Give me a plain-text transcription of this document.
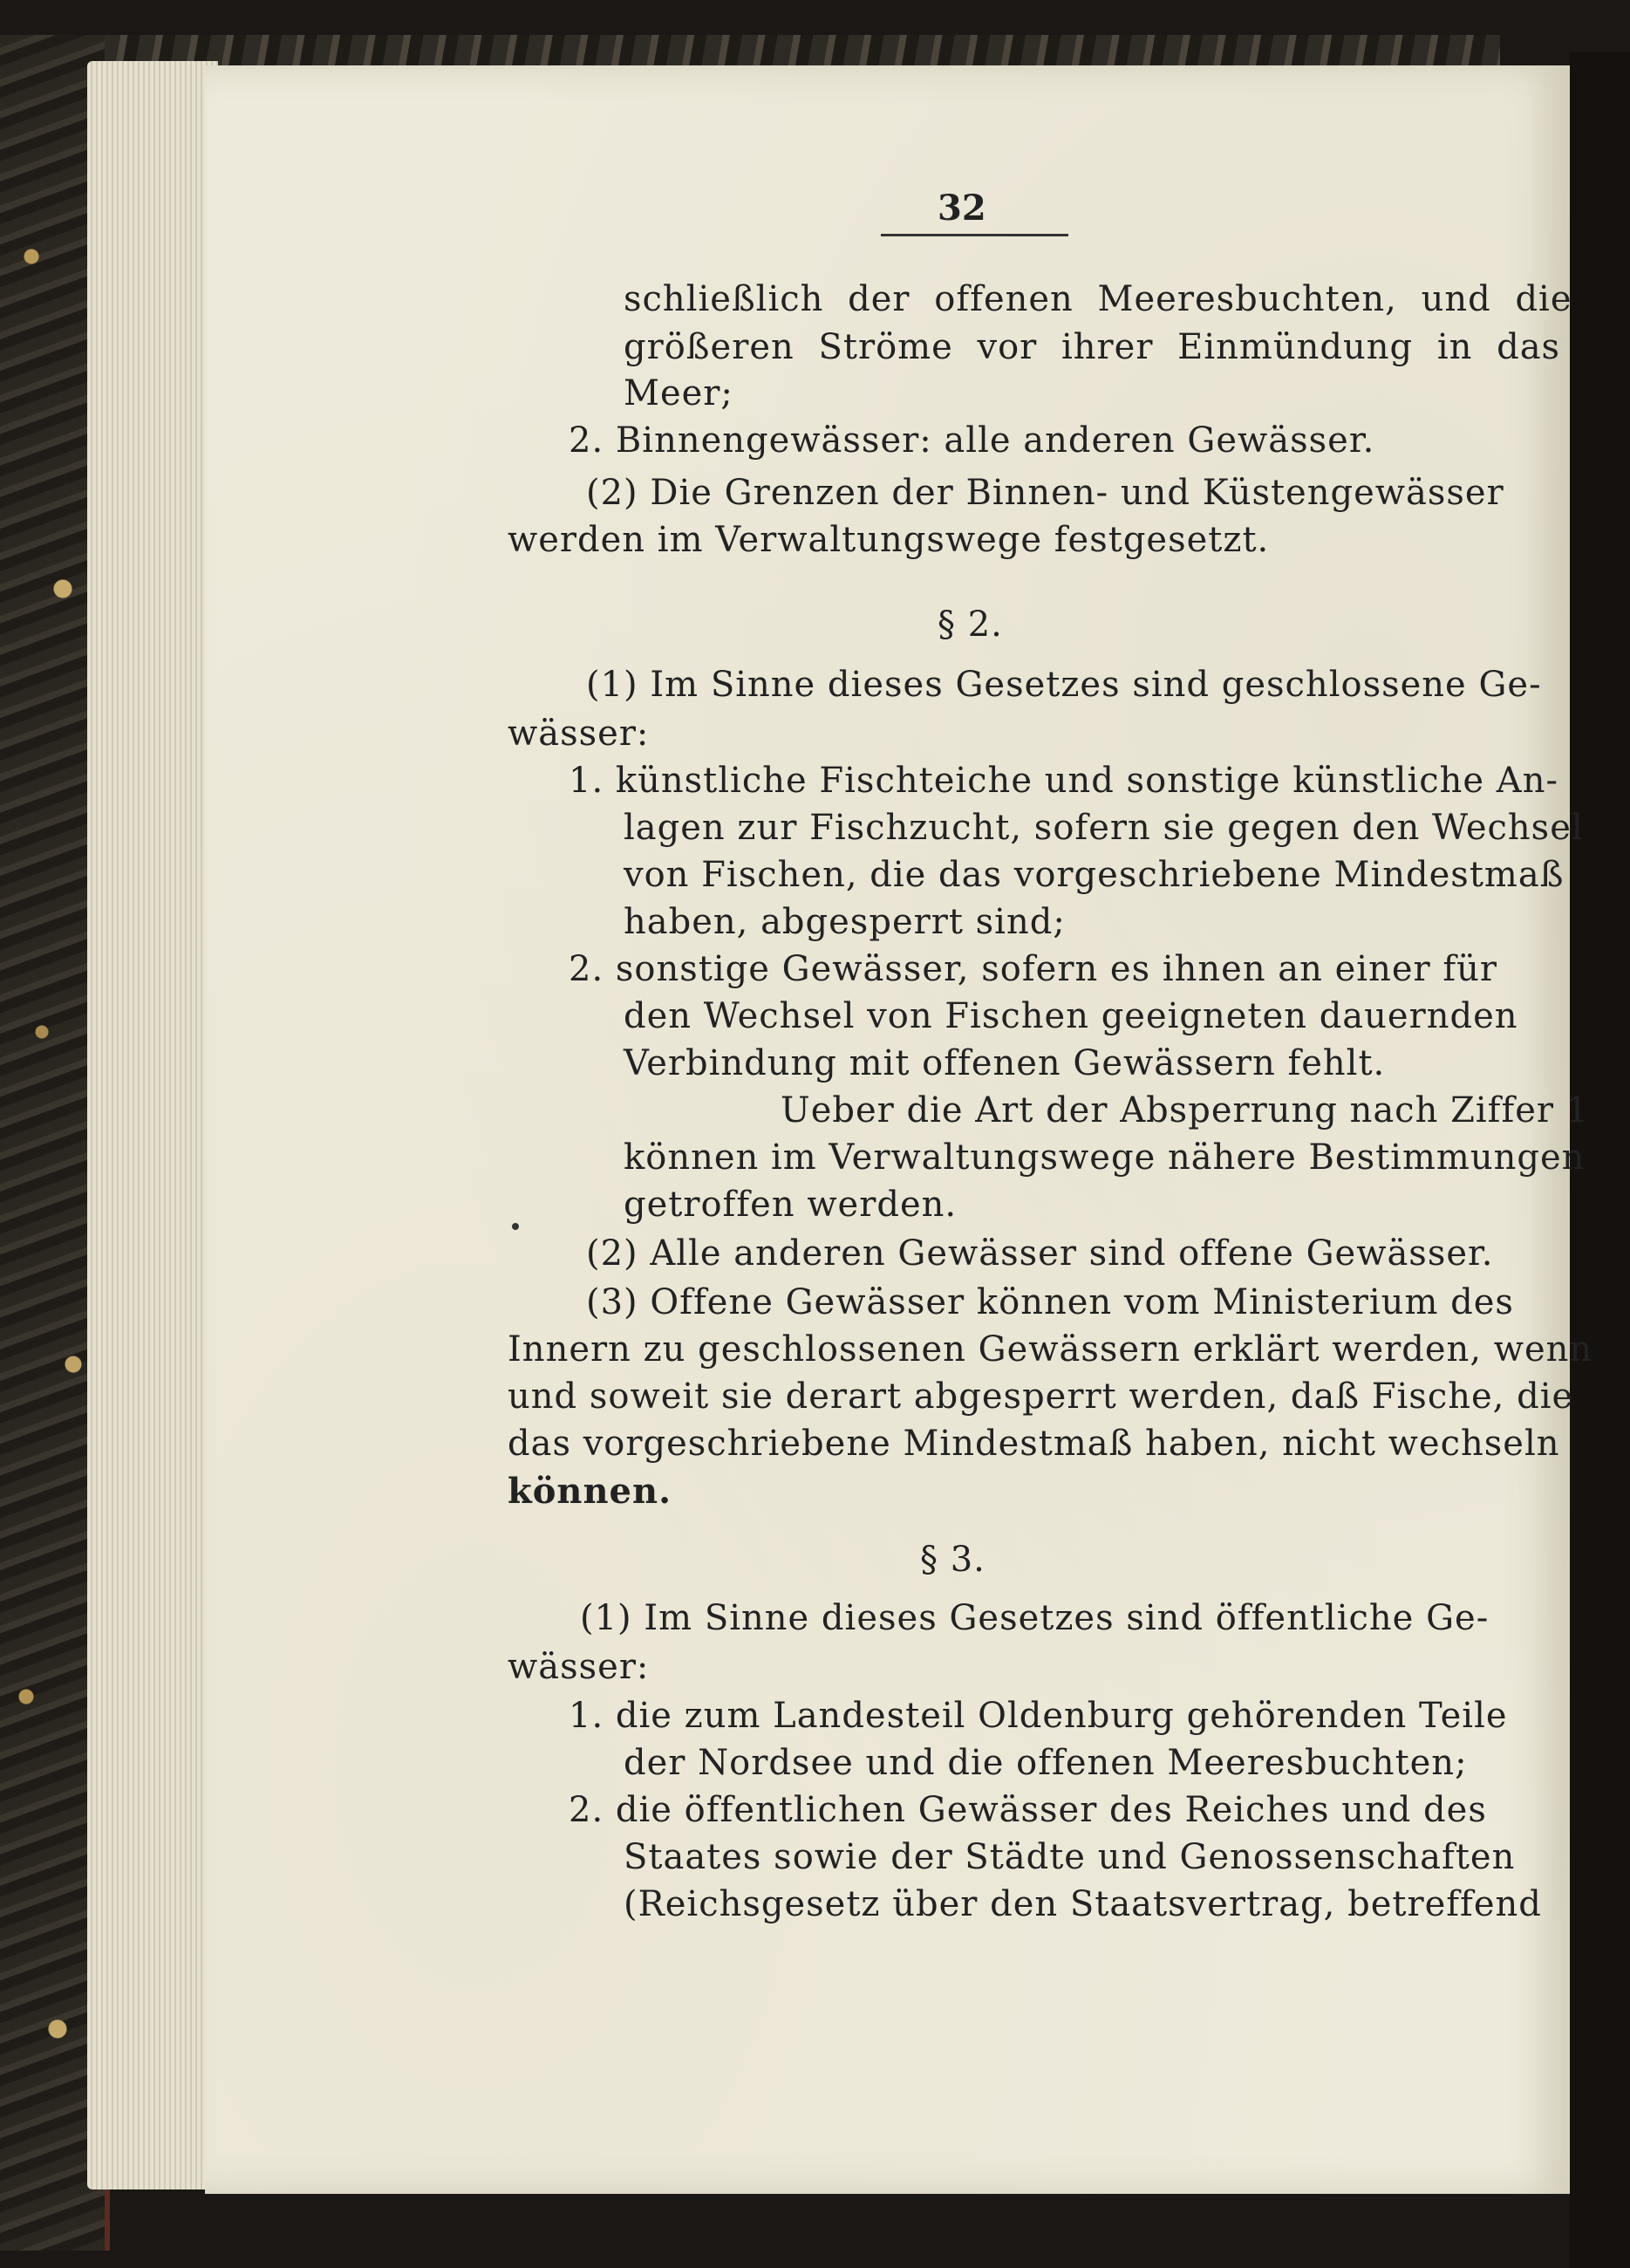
32
schließlich der offenen Meeresbuchten, und die
größeren Ströme vor ihrer Einmündung in das
Meer;
2. Binnengewässer: alle anderen Gewässer.
(2) Die Grenzen der Binnen- und Küstengewässer
werden im Verwaltungswege festgesetzt.
§ 2.
(1) Im Sinne dieses Gesetzes sind geschlossene Ge-
wässer:
1. künstliche Fischteiche und sonstige künstliche An-
lagen zur Fischzucht, sofern sie gegen den Wechsel
von Fischen, die das vorgeschriebene Mindestmaß
haben, abgesperrt sind;
2. sonstige Gewässer, sofern es ihnen an einer für
den Wechsel von Fischen geeigneten dauernden
Verbindung mit offenen Gewässern fehlt.
Ueber die Art der Absperrung nach Ziffer 1
können im Verwaltungswege nähere Bestimmungen
getroffen werden.
(2) Alle anderen Gewässer sind offene Gewässer.
(3) Offene Gewässer können vom Ministerium des
Innern zu geschlossenen Gewässern erklärt werden, wenn
und soweit sie derart abgesperrt werden, daß Fische, die
das vorgeschriebene Mindestmaß haben, nicht wechseln
können.
§ 3.
(1) Im Sinne dieses Gesetzes sind öffentliche Ge-
wässer:
1. die zum Landesteil Oldenburg gehörenden Teile
der Nordsee und die offenen Meeresbuchten;
2. die öffentlichen Gewässer des Reiches und des
Staates sowie der Städte und Genossenschaften
(Reichsgesetz über den Staatsvertrag, betreffend
